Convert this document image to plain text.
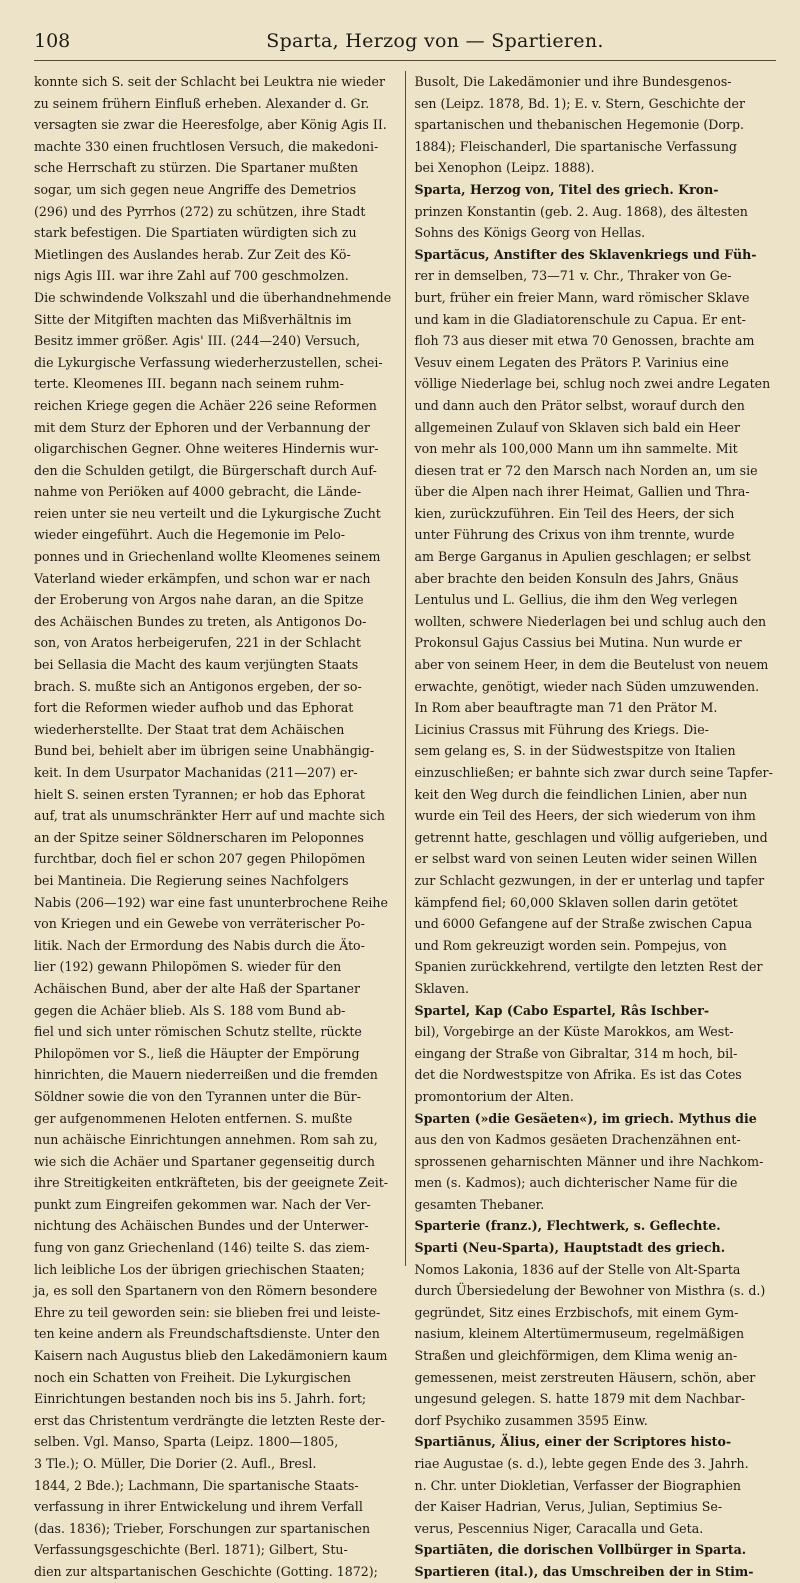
108	Sparta, Herzog von — Spartieren.
konnte sich S. seit der Schlacht bei Leuktra nie wieder
zu seinem frühern Einfluß erheben. Alexander d. Gr.
versagten sie zwar die Heeresfolge, aber König Agis II.
machte 330 einen fruchtlosen Versuch, die makedoni-
sche Herrschaft zu stürzen. Die Spartaner mußten
sogar, um sich gegen neue Angriffe des Demetrios
(296) und des Pyrrhos (272) zu schützen, ihre Stadt
stark befestigen. Die Spartiaten würdigten sich zu
Mietlingen des Auslandes herab. Zur Zeit des Kö-
nigs Agis III. war ihre Zahl auf 700 geschmolzen.
Die schwindende Volkszahl und die überhandnehmende
Sitte der Mitgiften machten das Mißverhältnis im
Besitz immer größer. Agis' III. (244—240) Versuch,
die Lykurgische Verfassung wiederherzustellen, schei-
terte. Kleomenes III. begann nach seinem ruhm-
reichen Kriege gegen die Achäer 226 seine Reformen
mit dem Sturz der Ephoren und der Verbannung der
oligarchischen Gegner. Ohne weiteres Hindernis wur-
den die Schulden getilgt, die Bürgerschaft durch Auf-
nahme von Periöken auf 4000 gebracht, die Lände-
reien unter sie neu verteilt und die Lykurgische Zucht
wieder eingeführt. Auch die Hegemonie im Pelo-
ponnes und in Griechenland wollte Kleomenes seinem
Vaterland wieder erkämpfen, und schon war er nach
der Eroberung von Argos nahe daran, an die Spitze
des Achäischen Bundes zu treten, als Antigonos Do-
son, von Aratos herbeigerufen, 221 in der Schlacht
bei Sellasia die Macht des kaum verjüngten Staats
brach. S. mußte sich an Antigonos ergeben, der so-
fort die Reformen wieder aufhob und das Ephorat
wiederherstellte. Der Staat trat dem Achäischen
Bund bei, behielt aber im übrigen seine Unabhängig-
keit. In dem Usurpator Machanidas (211—207) er-
hielt S. seinen ersten Tyrannen; er hob das Ephorat
auf, trat als unumschränkter Herr auf und machte sich
an der Spitze seiner Söldnerscharen im Peloponnes
furchtbar, doch fiel er schon 207 gegen Philopömen
bei Mantineia. Die Regierung seines Nachfolgers
Nabis (206—192) war eine fast ununterbrochene Reihe
von Kriegen und ein Gewebe von verräterischer Po-
litik. Nach der Ermordung des Nabis durch die Äto-
lier (192) gewann Philopömen S. wieder für den
Achäischen Bund, aber der alte Haß der Spartaner
gegen die Achäer blieb. Als S. 188 vom Bund ab-
fiel und sich unter römischen Schutz stellte, rückte
Philopömen vor S., ließ die Häupter der Empörung
hinrichten, die Mauern niederreißen und die fremden
Söldner sowie die von den Tyrannen unter die Bür-
ger aufgenommenen Heloten entfernen. S. mußte
nun achäische Einrichtungen annehmen. Rom sah zu,
wie sich die Achäer und Spartaner gegenseitig durch
ihre Streitigkeiten entkräfteten, bis der geeignete Zeit-
punkt zum Eingreifen gekommen war. Nach der Ver-
nichtung des Achäischen Bundes und der Unterwer-
fung von ganz Griechenland (146) teilte S. das ziem-
lich leibliche Los der übrigen griechischen Staaten;
ja, es soll den Spartanern von den Römern besondere
Ehre zu teil geworden sein: sie blieben frei und leiste-
ten keine andern als Freundschaftsdienste. Unter den
Kaisern nach Augustus blieb den Lakedämoniern kaum
noch ein Schatten von Freiheit. Die Lykurgischen
Einrichtungen bestanden noch bis ins 5. Jahrh. fort;
erst das Christentum verdrängte die letzten Reste der-
selben. Vgl. Manso, Sparta (Leipz. 1800—1805,
3 Tle.); O. Müller, Die Dorier (2. Aufl., Bresl.
1844, 2 Bde.); Lachmann, Die spartanische Staats-
verfassung in ihrer Entwickelung und ihrem Verfall
(das. 1836); Trieber, Forschungen zur spartanischen
Verfassungsgeschichte (Berl. 1871); Gilbert, Stu-
dien zur altspartanischen Geschichte (Gotting. 1872);
Busolt, Die Lakedämonier und ihre Bundesgenos-
sen (Leipz. 1878, Bd. 1); E. v. Stern, Geschichte der
spartanischen und thebanischen Hegemonie (Dorp.
1884); Fleischanderl, Die spartanische Verfassung
bei Xenophon (Leipz. 1888).
Sparta, Herzog von, Titel des griech. Kron-
prinzen Konstantin (geb. 2. Aug. 1868), des ältesten
Sohns des Königs Georg von Hellas.
Spartăcus, Anstifter des Sklavenkriegs und Füh-
rer in demselben, 73—71 v. Chr., Thraker von Ge-
burt, früher ein freier Mann, ward römischer Sklave
und kam in die Gladiatorenschule zu Capua. Er ent-
floh 73 aus dieser mit etwa 70 Genossen, brachte am
Vesuv einem Legaten des Prätors P. Varinius eine
völlige Niederlage bei, schlug noch zwei andre Legaten
und dann auch den Prätor selbst, worauf durch den
allgemeinen Zulauf von Sklaven sich bald ein Heer
von mehr als 100,000 Mann um ihn sammelte. Mit
diesen trat er 72 den Marsch nach Norden an, um sie
über die Alpen nach ihrer Heimat, Gallien und Thra-
kien, zurückzuführen. Ein Teil des Heers, der sich
unter Führung des Crixus von ihm trennte, wurde
am Berge Garganus in Apulien geschlagen; er selbst
aber brachte den beiden Konsuln des Jahrs, Gnäus
Lentulus und L. Gellius, die ihm den Weg verlegen
wollten, schwere Niederlagen bei und schlug auch den
Prokonsul Gajus Cassius bei Mutina. Nun wurde er
aber von seinem Heer, in dem die Beutelust von neuem
erwachte, genötigt, wieder nach Süden umzuwenden.
In Rom aber beauftragte man 71 den Prätor M.
Licinius Crassus mit Führung des Kriegs. Die-
sem gelang es, S. in der Südwestspitze von Italien
einzuschließen; er bahnte sich zwar durch seine Tapfer-
keit den Weg durch die feindlichen Linien, aber nun
wurde ein Teil des Heers, der sich wiederum von ihm
getrennt hatte, geschlagen und völlig aufgerieben, und
er selbst ward von seinen Leuten wider seinen Willen
zur Schlacht gezwungen, in der er unterlag und tapfer
kämpfend fiel; 60,000 Sklaven sollen darin getötet
und 6000 Gefangene auf der Straße zwischen Capua
und Rom gekreuzigt worden sein. Pompejus, von
Spanien zurückkehrend, vertilgte den letzten Rest der
Sklaven.
Spartel, Kap (Cabo Espartel, Râs Ischber-
bil), Vorgebirge an der Küste Marokkos, am West-
eingang der Straße von Gibraltar, 314 m hoch, bil-
det die Nordwestspitze von Afrika. Es ist das Cotes
promontorium der Alten.
Sparten (»die Gesäeten«), im griech. Mythus die
aus den von Kadmos gesäeten Drachenzähnen ent-
sprossenen geharnischten Männer und ihre Nachkom-
men (s. Kadmos); auch dichterischer Name für die
gesamten Thebaner.
Sparterie (franz.), Flechtwerk, s. Geflechte.
Sparti (Neu-Sparta), Hauptstadt des griech.
Nomos Lakonia, 1836 auf der Stelle von Alt-Sparta
durch Übersiedelung der Bewohner von Misthra (s. d.)
gegründet, Sitz eines Erzbischofs, mit einem Gym-
nasium, kleinem Altertümermuseum, regelmäßigen
Straßen und gleichförmigen, dem Klima wenig an-
gemessenen, meist zerstreuten Häusern, schön, aber
ungesund gelegen. S. hatte 1879 mit dem Nachbar-
dorf Psychiko zusammen 3595 Einw.
Spartiānus, Älius, einer der Scriptores histo-
riae Augustae (s. d.), lebte gegen Ende des 3. Jahrh.
n. Chr. unter Diokletian, Verfasser der Biographien
der Kaiser Hadrian, Verus, Julian, Septimius Se-
verus, Pescennius Niger, Caracalla und Geta.
Spartiāten, die dorischen Vollbürger in Sparta.
Spartieren (ital.), das Umschreiben der in Stim-
